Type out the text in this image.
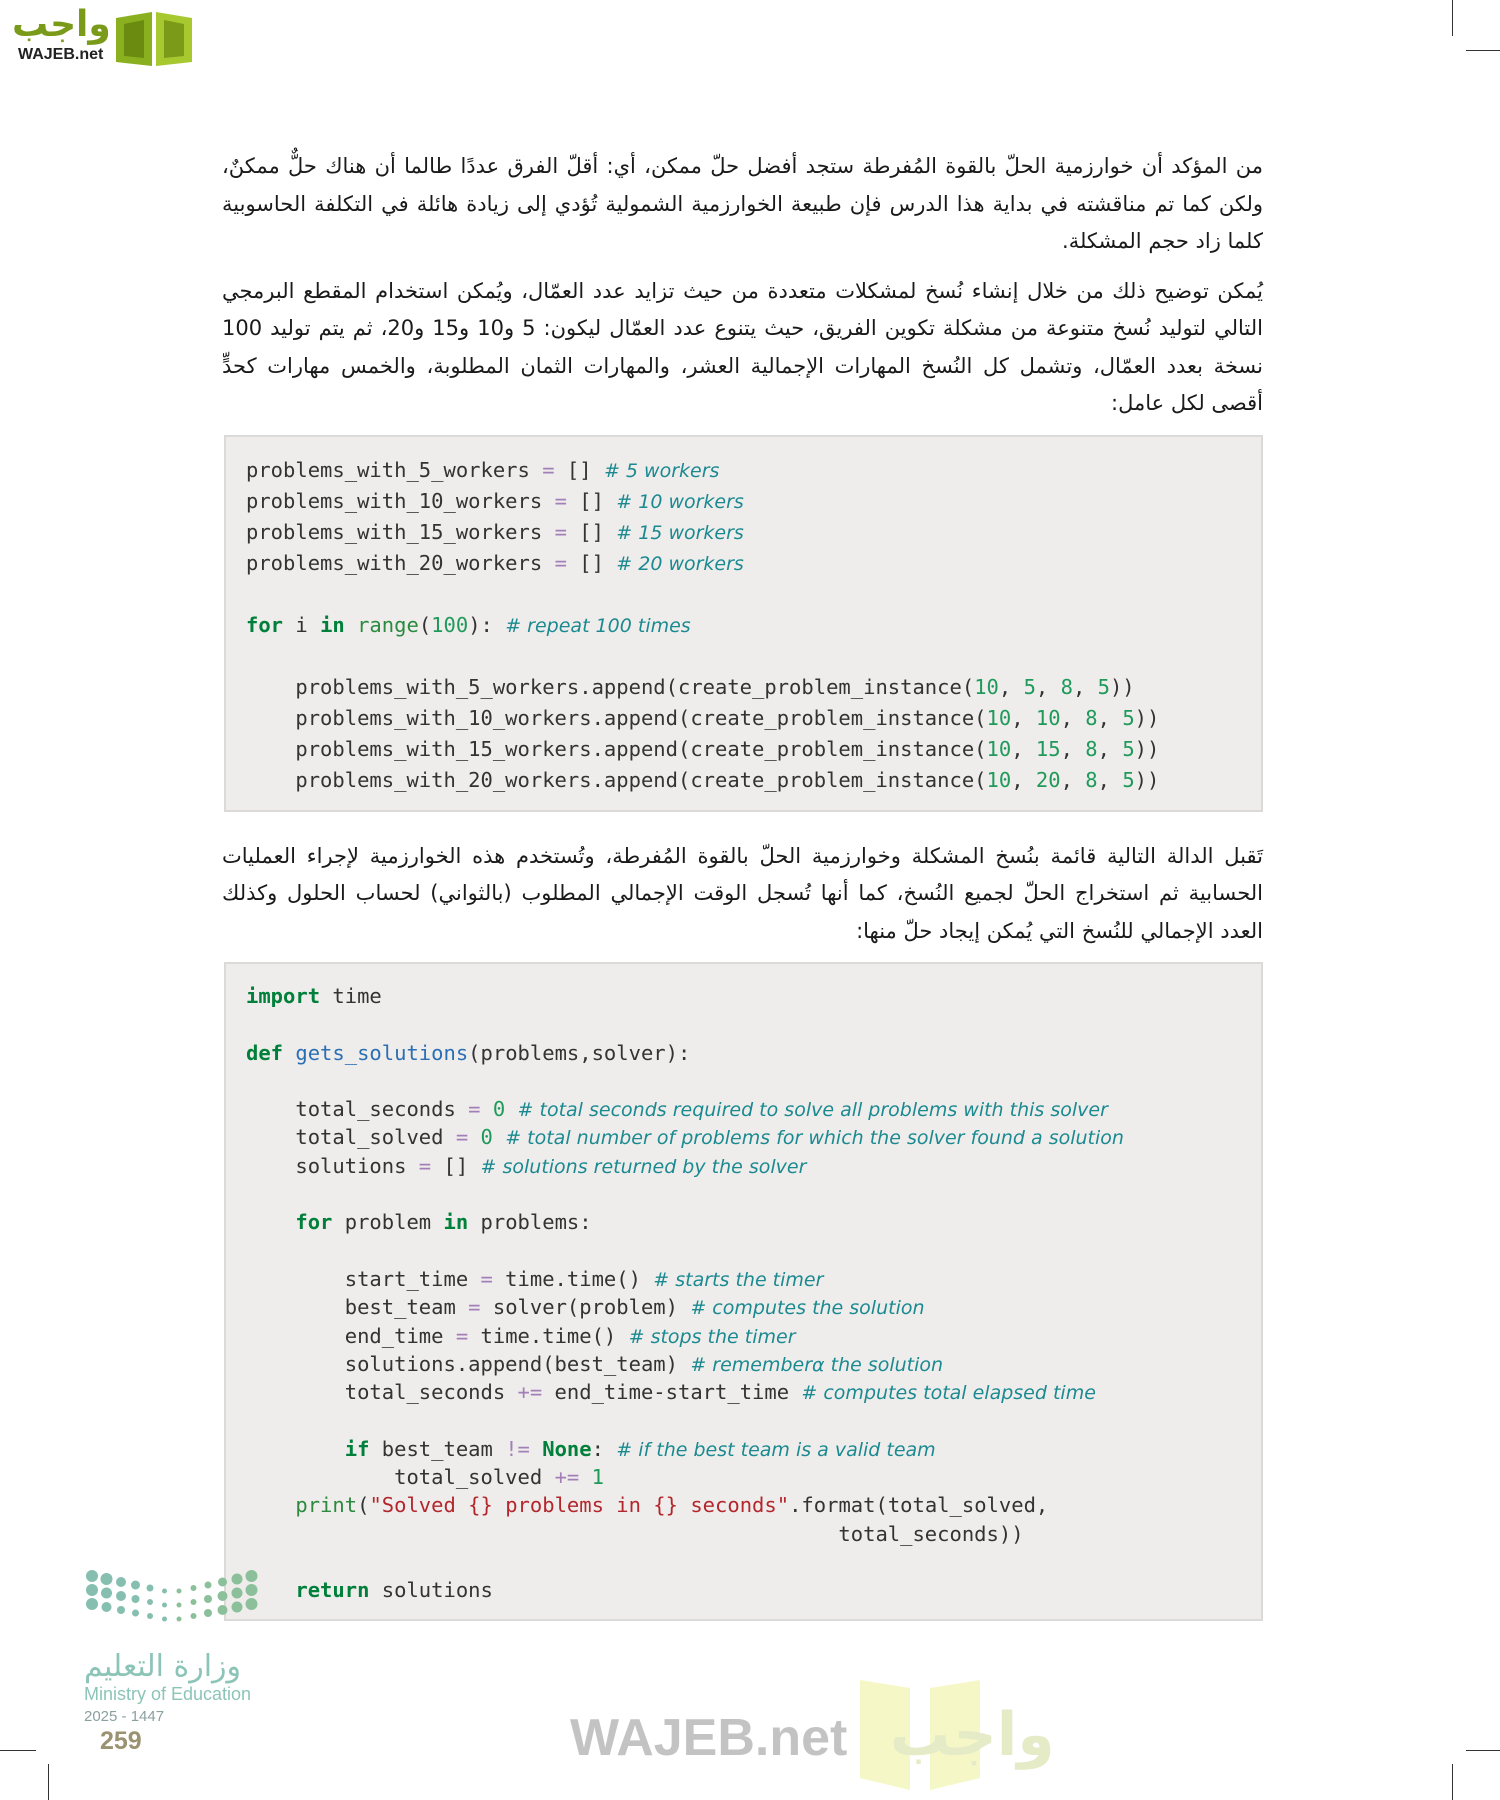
واجب
WAJEB.net

من المؤكد أن خوارزمية الحلّ بالقوة المُفرطة ستجد أفضل حلّ ممكن، أي: أقلّ الفرق عددًا طالما أن هناك حلٌّ ممكنٌ، ولكن كما تم مناقشته في بداية هذا الدرس فإن طبيعة الخوارزمية الشمولية تُؤدي إلى زيادة هائلة في التكلفة الحاسوبية كلما زاد حجم المشكلة.

يُمكن توضيح ذلك من خلال إنشاء نُسخ لمشكلات متعددة من حيث تزايد عدد العمّال، ويُمكن استخدام المقطع البرمجي التالي لتوليد نُسخ متنوعة من مشكلة تكوين الفريق، حيث يتنوع عدد العمّال ليكون: 5 و10 و15 و20، ثم يتم توليد 100 نسخة بعدد العمّال، وتشمل كل النُسخ المهارات الإجمالية العشر، والمهارات الثمان المطلوبة، والخمس مهارات كحدٍّ أقصى لكل عامل:

problems_with_5_workers = [] # 5 workers
problems_with_10_workers = [] # 10 workers
problems_with_15_workers = [] # 15 workers
problems_with_20_workers = [] # 20 workers

for i in range(100): # repeat 100 times

problems_with_5_workers.append(create_problem_instance(10, 5, 8, 5))
problems_with_10_workers.append(create_problem_instance(10, 10, 8, 5))
problems_with_15_workers.append(create_problem_instance(10, 15, 8, 5))
problems_with_20_workers.append(create_problem_instance(10, 20, 8, 5))

تَقبل الدالة التالية قائمة بنُسخ المشكلة وخوارزمية الحلّ بالقوة المُفرطة، وتُستخدم هذه الخوارزمية لإجراء العمليات الحسابية ثم استخراج الحلّ لجميع النُسخ، كما أنها تُسجل الوقت الإجمالي المطلوب (بالثواني) لحساب الحلول وكذلك العدد الإجمالي للنُسخ التي يُمكن إيجاد حلّ منها:

import time

def gets_solutions(problems,solver):

total_seconds = 0 # total seconds required to solve all problems with this solver
total_solved = 0 # total number of problems for which the solver found a solution
solutions = [] # solutions returned by the solver

for problem in problems:

start_time = time.time() # starts the timer
best_team = solver(problem) # computes the solution
end_time = time.time() # stops the timer
solutions.append(best_team) # rememberα the solution
total_seconds += end_time-start_time # computes total elapsed time

if best_team != None: # if the best team is a valid team
total_solved += 1
print("Solved {} problems in {} seconds".format(total_solved,
total_seconds))

return solutions
WAJEB.net واجب
وزارة التعليم
Ministry of Education
2025 - 1447
259
